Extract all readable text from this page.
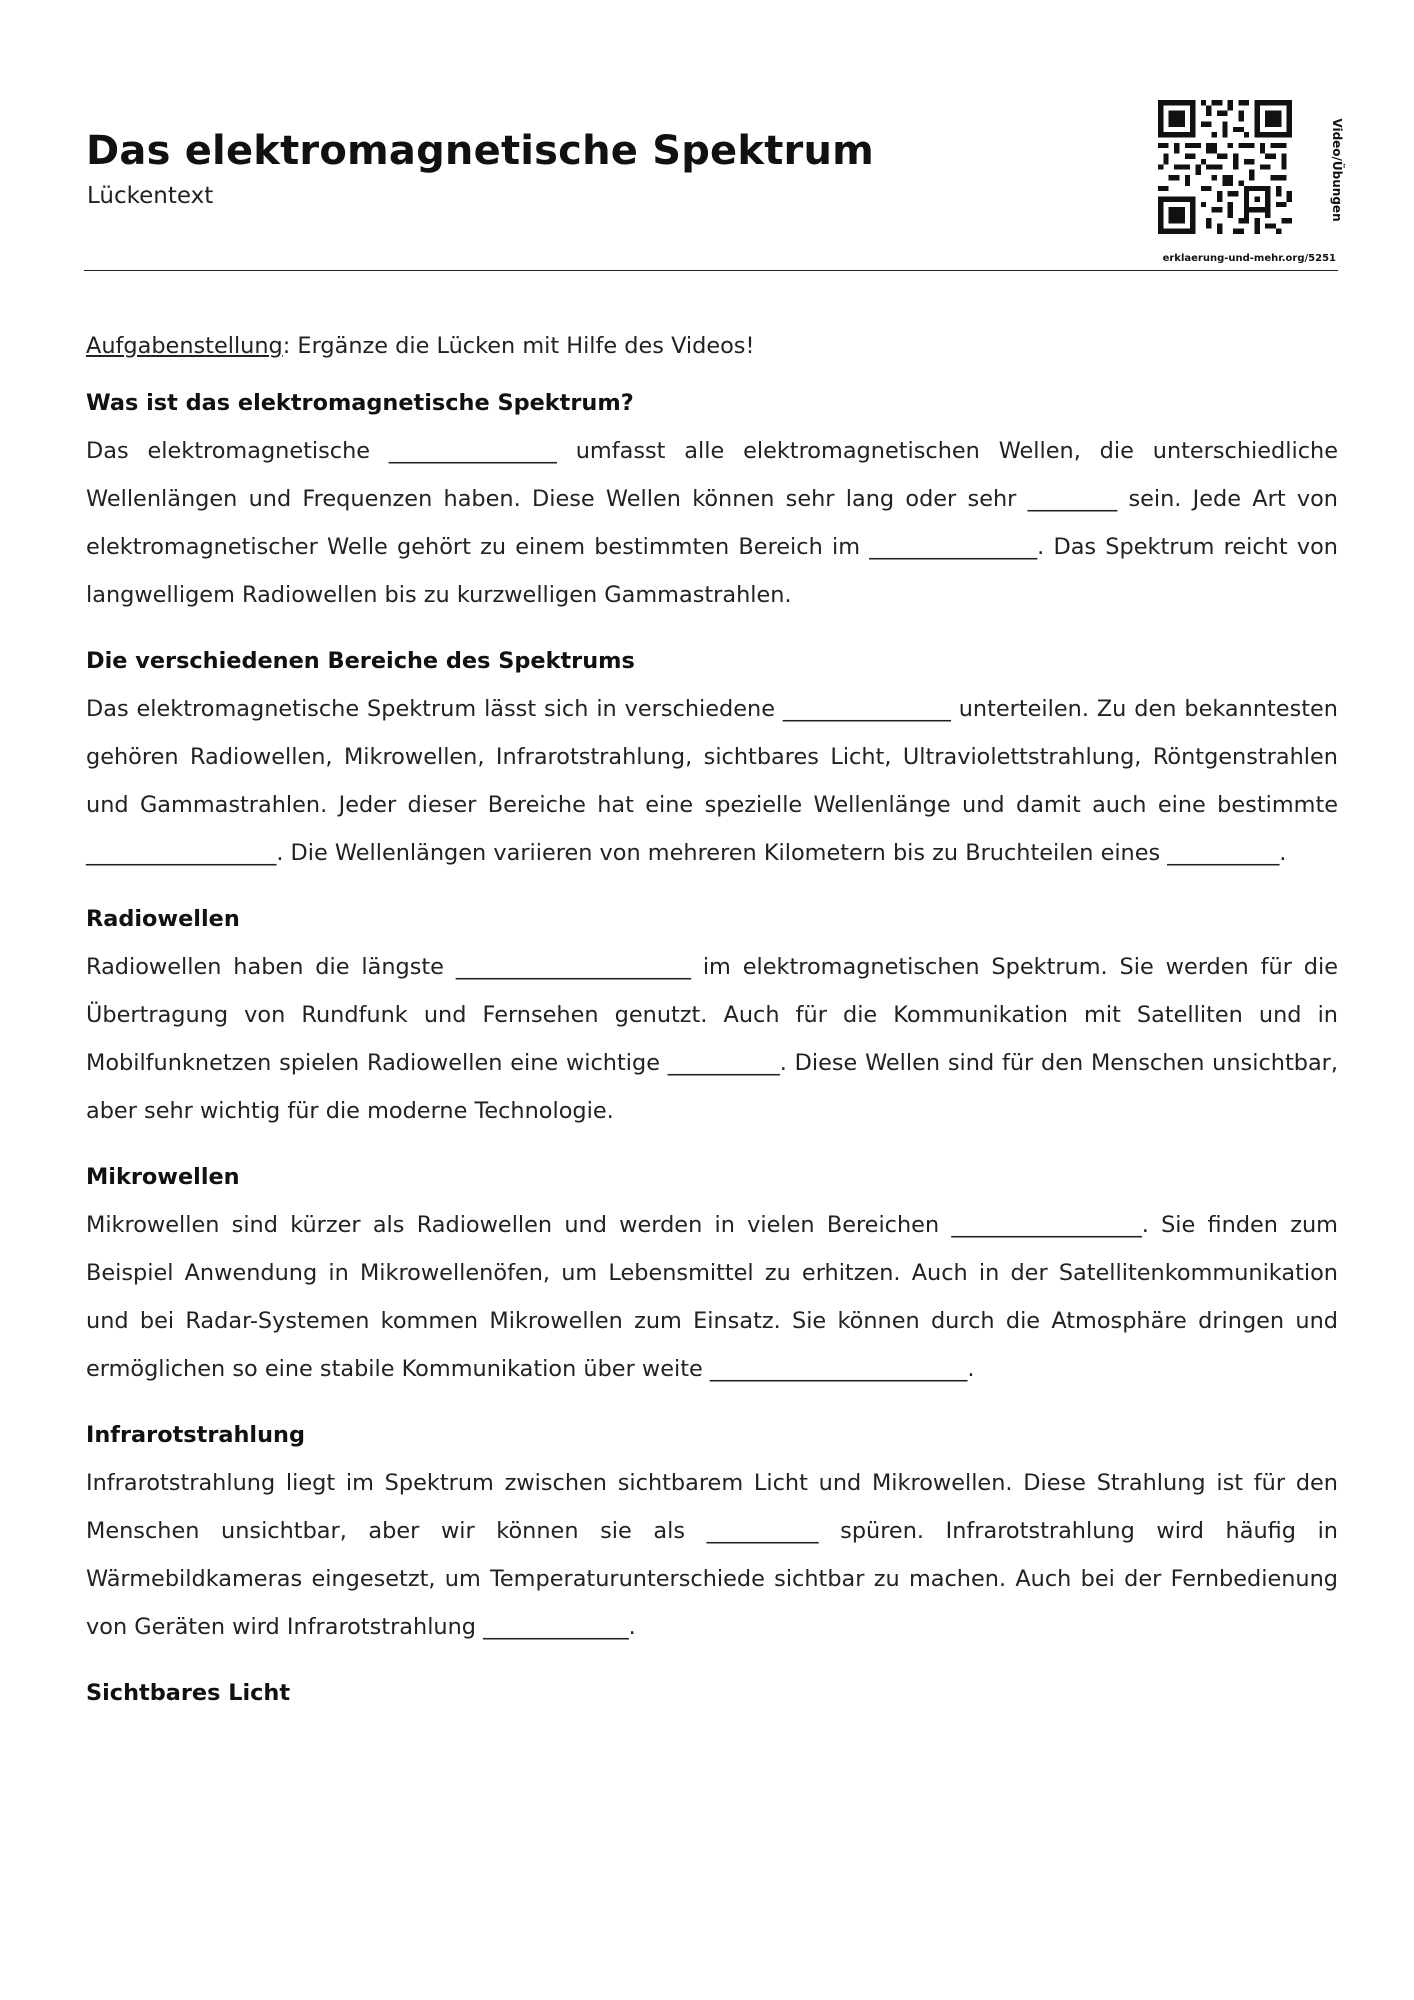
Das elektromagnetische Spektrum
Lückentext	Video/Übungen
erklaerung-und-mehr.org/5251

Aufgabenstellung: Ergänze die Lücken mit Hilfe des Videos!

Was ist das elektromagnetische Spektrum?

Das elektromagnetische _______________ umfasst alle elektromagnetischen Wellen, die unterschiedliche Wellenlängen und Frequenzen haben. Diese Wellen können sehr lang oder sehr ________ sein. Jede Art von elektromagnetischer Welle gehört zu einem bestimmten Bereich im _______________. Das Spektrum reicht von langwelligem Radiowellen bis zu kurzwelligen Gammastrahlen.

Die verschiedenen Bereiche des Spektrums

Das elektromagnetische Spektrum lässt sich in verschiedene _______________ unterteilen. Zu den bekanntesten gehören Radiowellen, Mikrowellen, Infrarotstrahlung, sichtbares Licht, Ultraviolettstrahlung, Röntgenstrahlen und Gammastrahlen. Jeder dieser Bereiche hat eine spezielle Wellenlänge und damit auch eine bestimmte _________________. Die Wellenlängen variieren von mehreren Kilometern bis zu Bruchteilen eines __________.

Radiowellen

Radiowellen haben die längste _____________________ im elektromagnetischen Spektrum. Sie werden für die Übertragung von Rundfunk und Fernsehen genutzt. Auch für die Kommunikation mit Satelliten und in Mobilfunknetzen spielen Radiowellen eine wichtige __________. Diese Wellen sind für den Menschen unsichtbar, aber sehr wichtig für die moderne Technologie.

Mikrowellen

Mikrowellen sind kürzer als Radiowellen und werden in vielen Bereichen _________________. Sie finden zum Beispiel Anwendung in Mikrowellenöfen, um Lebensmittel zu erhitzen. Auch in der Satellitenkommunikation und bei Radar-Systemen kommen Mikrowellen zum Einsatz. Sie können durch die Atmosphäre dringen und ermöglichen so eine stabile Kommunikation über weite _______________________.

Infrarotstrahlung

Infrarotstrahlung liegt im Spektrum zwischen sichtbarem Licht und Mikrowellen. Diese Strahlung ist für den Menschen unsichtbar, aber wir können sie als __________ spüren. Infrarotstrahlung wird häufig in Wärmebildkameras eingesetzt, um Temperaturunterschiede sichtbar zu machen. Auch bei der Fernbedienung von Geräten wird Infrarotstrahlung _____________.

Sichtbares Licht
